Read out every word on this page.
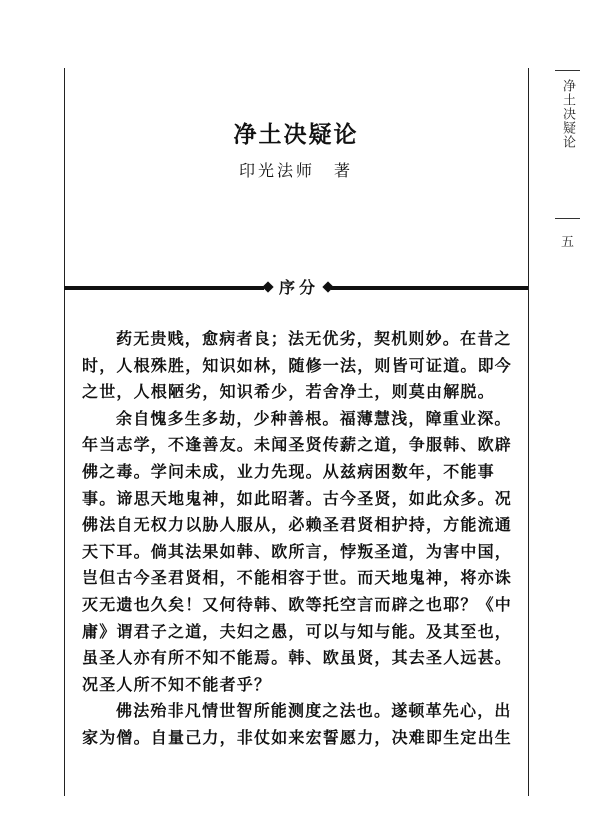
净土决疑论
五
净土决疑论
印光法师　著
序分

药无贵贱，愈病者良；法无优劣，契机则妙。在昔之
时，人根殊胜，知识如林，随修一法，则皆可证道。即今
之世，人根陋劣，知识希少，若舍净土，则莫由解脱。

余自愧多生多劫，少种善根。福薄慧浅，障重业深。
年当志学，不逢善友。未闻圣贤传薪之道，争服韩、欧辟
佛之毒。学问未成，业力先现。从兹病困数年，不能事
事。谛思天地鬼神，如此昭著。古今圣贤，如此众多。况
佛法自无权力以胁人服从，必赖圣君贤相护持，方能流通
天下耳。倘其法果如韩、欧所言，悖叛圣道，为害中国，
岂但古今圣君贤相，不能相容于世。而天地鬼神，将亦诛
灭无遗也久矣！又何待韩、欧等托空言而辟之也耶？《中
庸》谓君子之道，夫妇之愚，可以与知与能。及其至也，
虽圣人亦有所不知不能焉。韩、欧虽贤，其去圣人远甚。
况圣人所不知不能者乎？

佛法殆非凡情世智所能测度之法也。遂顿革先心，出
家为僧。自量己力，非仗如来宏誓愿力，决难即生定出生
